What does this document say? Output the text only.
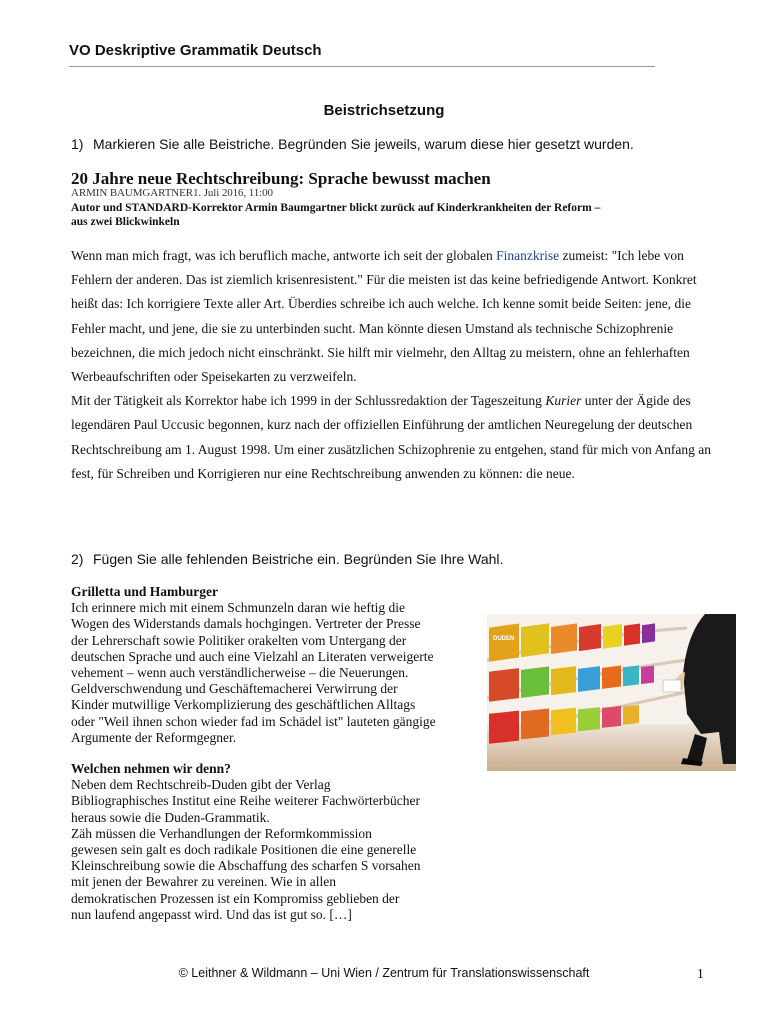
VO Deskriptive Grammatik Deutsch
Beistrichsetzung
1) Markieren Sie alle Beistriche. Begründen Sie jeweils, warum diese hier gesetzt wurden.
20 Jahre neue Rechtschreibung: Sprache bewusst machen
ARMIN BAUMGARTNER1. Juli 2016, 11:00
Autor und STANDARD-Korrektor Armin Baumgartner blickt zurück auf Kinderkrankheiten der Reform –
aus zwei Blickwinkeln

Wenn man mich fragt, was ich beruflich mache, antworte ich seit der globalen Finanzkrise zumeist: "Ich lebe von Fehlern der anderen. Das ist ziemlich krisenresistent." Für die meisten ist das keine befriedigende Antwort. Konkret heißt das: Ich korrigiere Texte aller Art. Überdies schreibe ich auch welche. Ich kenne somit beide Seiten: jene, die Fehler macht, und jene, die sie zu unterbinden sucht. Man könnte diesen Umstand als technische Schizophrenie bezeichnen, die mich jedoch nicht einschränkt. Sie hilft mir vielmehr, den Alltag zu meistern, ohne an fehlerhaften Werbeaufschriften oder Speisekarten zu verzweifeln.

Mit der Tätigkeit als Korrektor habe ich 1999 in der Schlussredaktion der Tageszeitung Kurier unter der Ägide des legendären Paul Uccusic begonnen, kurz nach der offiziellen Einführung der amtlichen Neuregelung der deutschen Rechtschreibung am 1. August 1998. Um einer zusätzlichen Schizophrenie zu entgehen, stand für mich von Anfang an fest, für Schreiben und Korrigieren nur eine Rechtschreibung anwenden zu können: die neue.

2) Fügen Sie alle fehlenden Beistriche ein. Begründen Sie Ihre Wahl.
Grilletta und Hamburger

Ich erinnere mich mit einem Schmunzeln daran wie heftig die

Wogen des Widerstands damals hochgingen. Vertreter der Presse

der Lehrerschaft sowie Politiker orakelten vom Untergang der

deutschen Sprache und auch eine Vielzahl an Literaten verweigerte

vehement – wenn auch verständlicherweise – die Neuerungen.

Geldverschwendung und Geschäftemacherei Verwirrung der

Kinder mutwillige Verkomplizierung des geschäftlichen Alltags

oder "Weil ihnen schon wieder fad im Schädel ist" lauteten gängige

Argumente der Reformgegner.

Welchen nehmen wir denn?

Neben dem Rechtschreib-Duden gibt der Verlag

Bibliographisches Institut eine Reihe weiterer Fachwörterbücher

heraus sowie die Duden-Grammatik.

Zäh müssen die Verhandlungen der Reformkommission

gewesen sein galt es doch radikale Positionen die eine generelle

Kleinschreibung sowie die Abschaffung des scharfen S vorsahen

mit jenen der Bewahrer zu vereinen. Wie in allen

demokratischen Prozessen ist ein Kompromiss geblieben der

nun laufend angepasst wird. Und das ist gut so. […]

DUDEN
© Leithner & Wildmann – Uni Wien / Zentrum für Translationswissenschaft	1
